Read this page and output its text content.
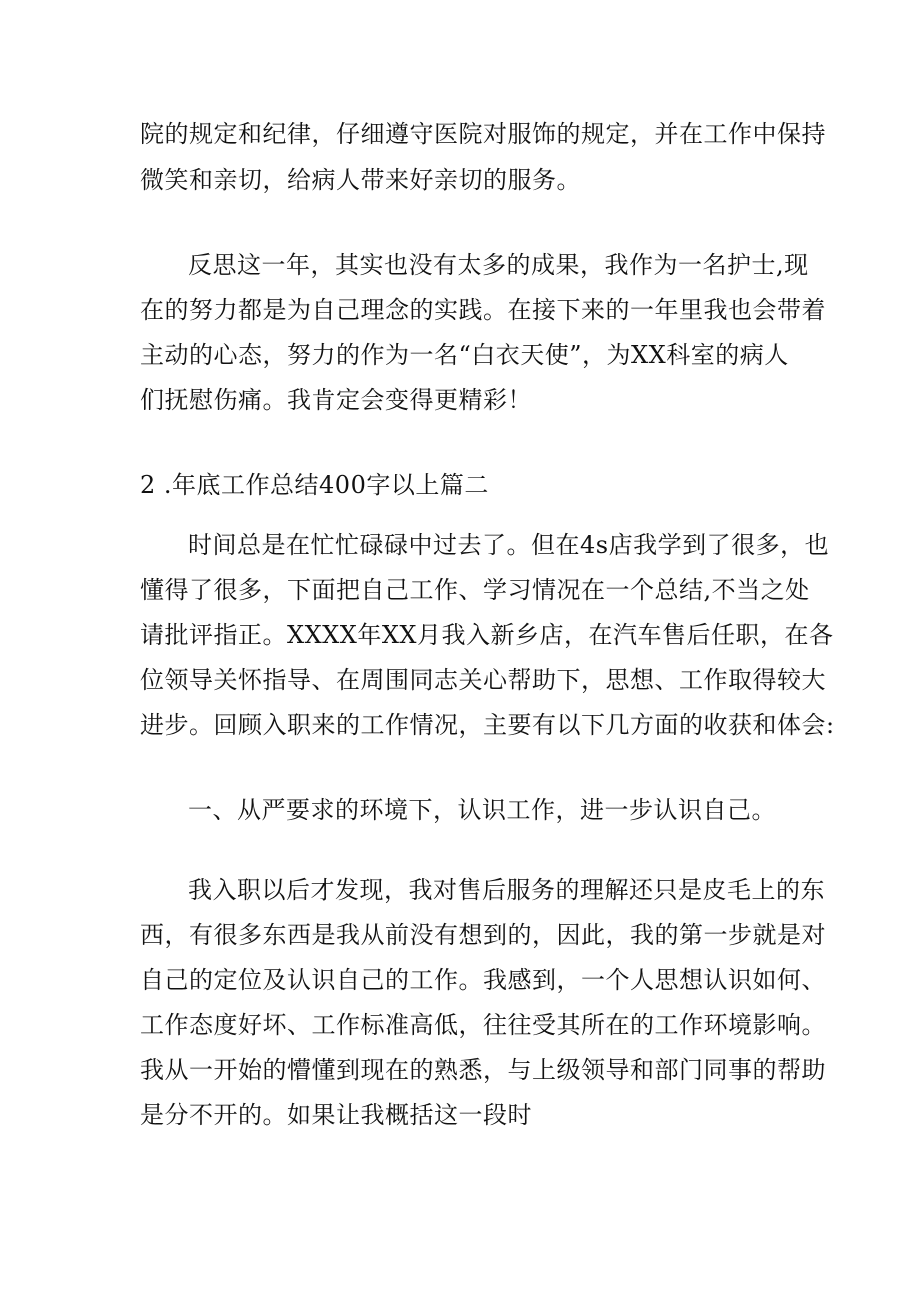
院的规定和纪律，仔细遵守医院对服饰的规定，并在工作中保持
微笑和亲切，给病人带来好亲切的服务。
反思这一年，其实也没有太多的成果，我作为一名护士,现
在的努力都是为自己理念的实践。在接下来的一年里我也会带着
主动的心态，努力的作为一名“白衣天使”，为XX科室的病人
们抚慰伤痛。我肯定会变得更精彩！
2 .年底工作总结400字以上篇二
时间总是在忙忙碌碌中过去了。但在4s店我学到了很多，也
懂得了很多，下面把自己工作、学习情况在一个总结,不当之处
请批评指正。XXXX年XX月我入新乡店，在汽车售后任职，在各
位领导关怀指导、在周围同志关心帮助下，思想、工作取得较大
进步。回顾入职来的工作情况，主要有以下几方面的收获和体会:
一、从严要求的环境下，认识工作，进一步认识自己。
我入职以后才发现，我对售后服务的理解还只是皮毛上的东
西，有很多东西是我从前没有想到的，因此，我的第一步就是对
自己的定位及认识自己的工作。我感到，一个人思想认识如何、
工作态度好坏、工作标准高低，往往受其所在的工作环境影响。
我从一开始的懵懂到现在的熟悉，与上级领导和部门同事的帮助
是分不开的。如果让我概括这一段时
